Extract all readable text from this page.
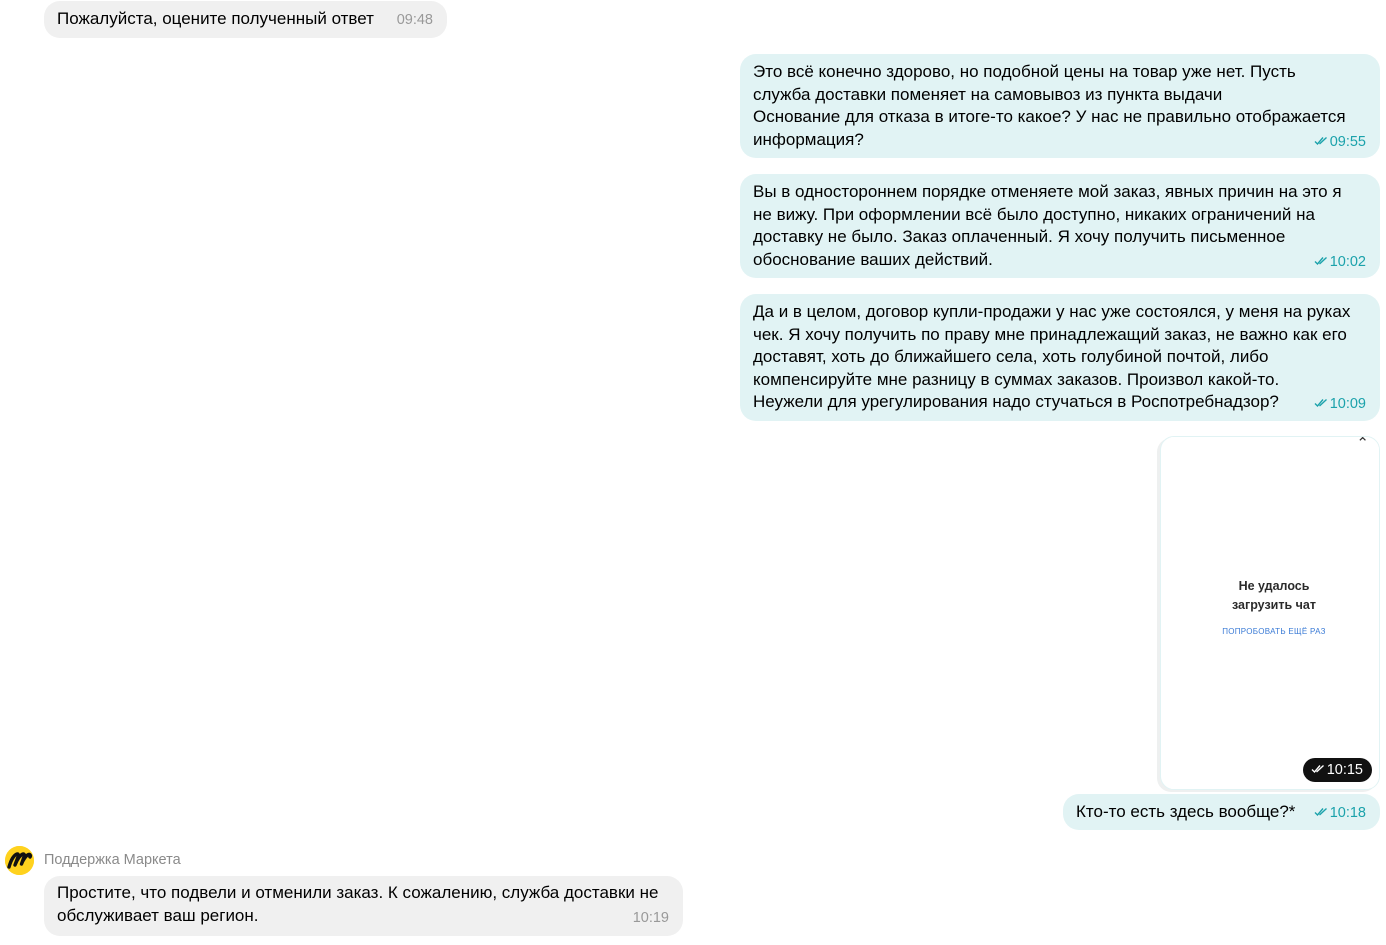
09:48
Пожалуйста, оцените полученный ответ
Это всё конечно здорово, но подобной цены на товар уже нет. Пусть
служба доставки поменяет на самовывоз из пункта выдачи
Основание для отказа в итоге-то какое? У нас не правильно отображается
09:55
информация?
Вы в одностороннем порядке отменяете мой заказ, явных причин на это я
не вижу. При оформлении всё было доступно, никаких ограничений на
доставку не было. Заказ оплаченный. Я хочу получить письменное
10:02
обоснование ваших действий.
Да и в целом, договор купли-продажи у нас уже состоялся, у меня на руках
чек. Я хочу получить по праву мне принадлежащий заказ, не важно как его
доставят, хоть до ближайшего села, хоть голубиной почтой, либо
компенсируйте мне разницу в суммах заказов. Произвол какой-то.
10:09
Неужели для урегулирования надо стучаться в Роспотребнадзор?
⌃
Не удалось
загрузить чат
ПОПРОБОВАТЬ ЕЩЁ РАЗ
10:15
10:18
Кто-то есть здесь вообще?*
Поддержка Маркета
Простите, что подвели и отменили заказ. К сожалению, служба доставки не
10:19
обслуживает ваш регион.
